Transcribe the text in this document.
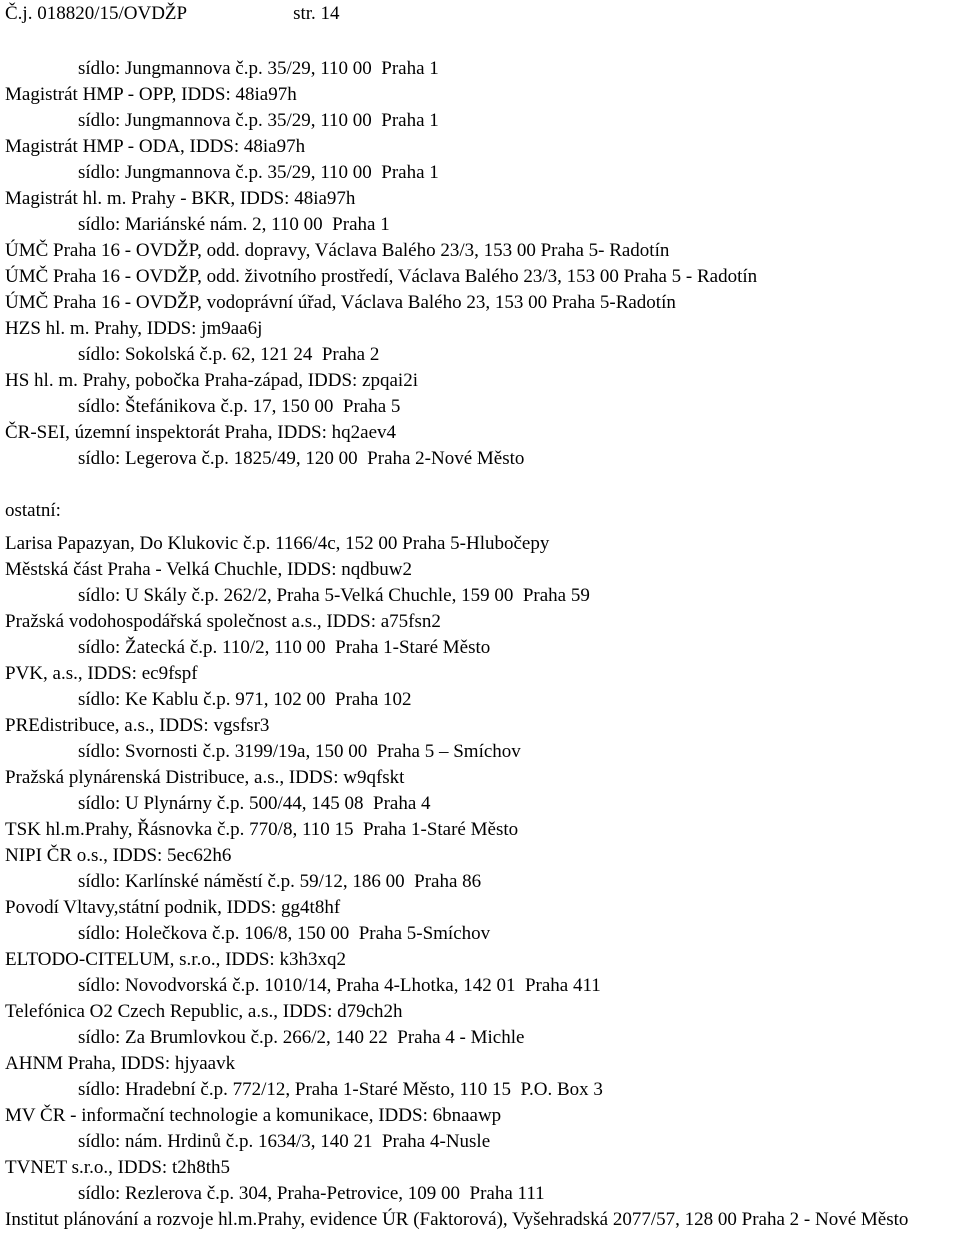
Č.j. 018820/15/OVDŽP	str. 14
sídlo: Jungmannova č.p. 35/29, 110 00  Praha 1
Magistrát HMP - OPP, IDDS: 48ia97h
sídlo: Jungmannova č.p. 35/29, 110 00  Praha 1
Magistrát HMP - ODA, IDDS: 48ia97h
sídlo: Jungmannova č.p. 35/29, 110 00  Praha 1
Magistrát hl. m. Prahy - BKR, IDDS: 48ia97h
sídlo: Mariánské nám. 2, 110 00  Praha 1
ÚMČ Praha 16 - OVDŽP, odd. dopravy, Václava Balého 23/3, 153 00 Praha 5- Radotín
ÚMČ Praha 16 - OVDŽP, odd. životního prostředí, Václava Balého 23/3, 153 00 Praha 5 - Radotín
ÚMČ Praha 16 - OVDŽP, vodoprávní úřad, Václava Balého 23, 153 00 Praha 5-Radotín
HZS hl. m. Prahy, IDDS: jm9aa6j
sídlo: Sokolská č.p. 62, 121 24  Praha 2
HS hl. m. Prahy, pobočka Praha-západ, IDDS: zpqai2i
sídlo: Štefánikova č.p. 17, 150 00  Praha 5
ČR-SEI, územní inspektorát Praha, IDDS: hq2aev4
sídlo: Legerova č.p. 1825/49, 120 00  Praha 2-Nové Město
ostatní:
Larisa Papazyan, Do Klukovic č.p. 1166/4c, 152 00 Praha 5-Hlubočepy
Městská část Praha - Velká Chuchle, IDDS: nqdbuw2
sídlo: U Skály č.p. 262/2, Praha 5-Velká Chuchle, 159 00  Praha 59
Pražská vodohospodářská společnost a.s., IDDS: a75fsn2
sídlo: Žatecká č.p. 110/2, 110 00  Praha 1-Staré Město
PVK, a.s., IDDS: ec9fspf
sídlo: Ke Kablu č.p. 971, 102 00  Praha 102
PREdistribuce, a.s., IDDS: vgsfsr3
sídlo: Svornosti č.p. 3199/19a, 150 00  Praha 5 – Smíchov
Pražská plynárenská Distribuce, a.s., IDDS: w9qfskt
sídlo: U Plynárny č.p. 500/44, 145 08  Praha 4
TSK hl.m.Prahy, Řásnovka č.p. 770/8, 110 15  Praha 1-Staré Město
NIPI ČR o.s., IDDS: 5ec62h6
sídlo: Karlínské náměstí č.p. 59/12, 186 00  Praha 86
Povodí Vltavy,státní podnik, IDDS: gg4t8hf
sídlo: Holečkova č.p. 106/8, 150 00  Praha 5-Smíchov
ELTODO-CITELUM, s.r.o., IDDS: k3h3xq2
sídlo: Novodvorská č.p. 1010/14, Praha 4-Lhotka, 142 01  Praha 411
Telefónica O2 Czech Republic, a.s., IDDS: d79ch2h
sídlo: Za Brumlovkou č.p. 266/2, 140 22  Praha 4 - Michle
AHNM Praha, IDDS: hjyaavk
sídlo: Hradební č.p. 772/12, Praha 1-Staré Město, 110 15  P.O. Box 3
MV ČR - informační technologie a komunikace, IDDS: 6bnaawp
sídlo: nám. Hrdinů č.p. 1634/3, 140 21  Praha 4-Nusle
TVNET s.r.o., IDDS: t2h8th5
sídlo: Rezlerova č.p. 304, Praha-Petrovice, 109 00  Praha 111
Institut plánování a rozvoje hl.m.Prahy, evidence ÚR (Faktorová), Vyšehradská 2077/57, 128 00 Praha 2 - Nové Město
